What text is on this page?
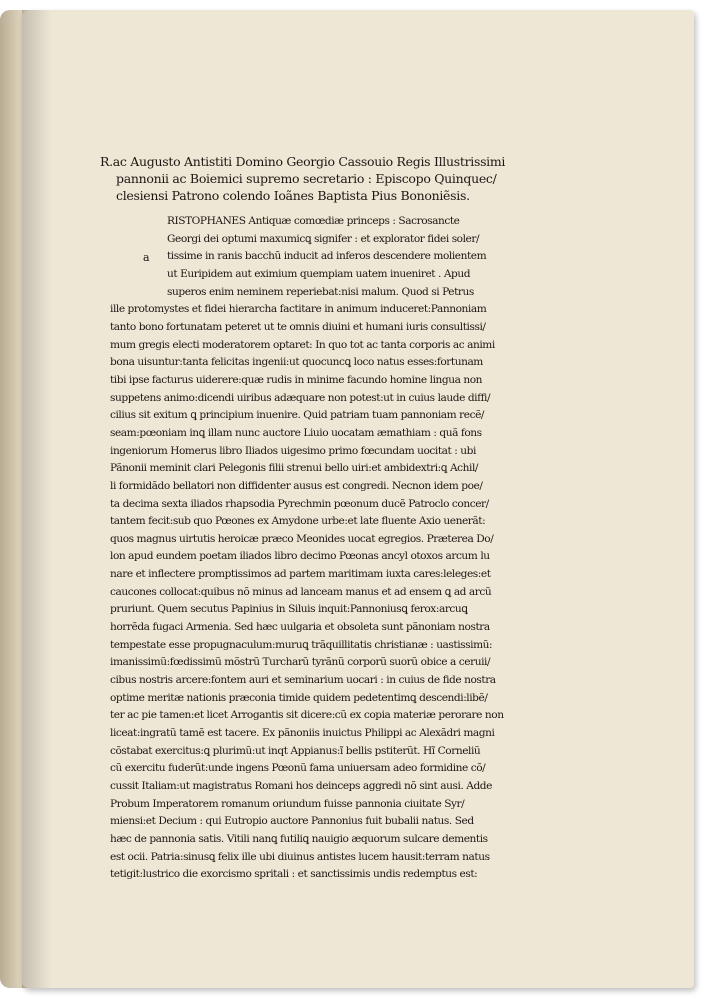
R.ac Augusto Antistiti Domino Georgio Cassouio Regis Illustrissimi
pannonii ac Boiemici supremo secretario : Episcopo Quinquec/
clesiensi Patrono colendo Ioãnes Baptista Pius Bononiẽsis.
a
RISTOPHANES Antiquæ comœdiæ princeps : Sacrosancte
Georgi dei optumi maxumicꝗ signifer : et explorator fidei soler/
tissime in ranis bacchũ inducit ad inferos descendere molientem
ut Euripidem aut eximium quempiam uatem inueniret . Apud
superos enim neminem reperiebat:nisi malum. Quod si Petrus
ille protomystes et fidei hierarcha factitare in animum induceret:Pannoniam
tanto bono fortunatam peteret ut te omnis diuini et humani iuris consultissi/
mum gregis electi moderatorem optaret: In quo tot ac tanta corporis ac animi
bona uisuntur:tanta felicitas ingenii:ut quocuncꝗ loco natus esses:fortunam
tibi ipse facturus uiderere:quæ rudis in minime facundo homine lingua non
suppetens animo:dicendi uiribus adæquare non potest:ut in cuius laude diffi/
cilius sit exitum ꝗ principium inuenire. Quid patriam tuam pannoniam recẽ/
seam:pœoniam inꝗ illam nunc auctore Liuio uocatam æmathiam : quã fons
ingeniorum Homerus libro Iliados uigesimo primo fœcundam uocitat : ubi
Pãnonii meminit clari Pelegonis filii strenui bello uiri:et ambidextri:ꝗ Achil/
li formidãdo bellatori non diffidenter ausus est congredi. Necnon idem poe/
ta decima sexta iliados rhapsodia Pyrechmin pœonum ducẽ Patroclo concer/
tantem fecit:sub quo Pœones ex Amydone urbe:et late fluente Axio uenerãt:
quos magnus uirtutis heroicæ præco Meonides uocat egregios. Præterea Do/
lon apud eundem poetam iliados libro decimo Pœonas ancyl otoxos arcum lu
nare et inflectere promptissimos ad partem maritimam iuxta cares:leleges:et
caucones collocat:quibus nõ minus ad lanceam manus et ad ensem ꝗ ad arcũ
pruriunt. Quem secutus Papinius in Siluis inquit:Pannoniusꝗ ferox:arcuꝗ
horrẽda fugaci Armenia. Sed hæc uulgaria et obsoleta sunt pãnoniam nostra
tempestate esse propugnaculum:muruꝗ trãquillitatis christianæ : uastissimũ:
imanissimũ:fœdissimũ mõstrũ Turcharũ tyrãnũ corporũ suorũ obice a ceruii/
cibus nostris arcere:fontem auri et seminarium uocari : in cuius de fide nostra
optime meritæ nationis præconia timide quidem pedetentimꝗ descendi:libẽ/
ter ac pie tamen:et licet Arrogantis sit dicere:cũ ex copia materiæ perorare non
liceat:ingratũ tamẽ est tacere. Ex pãnoniis inuictus Philippi ac Alexãdri magni
cõstabat exercitus:ꝗ plurimũ:ut inqt Appianus:ĩ bellis pstiterũt. Hĩ Corneliũ
cũ exercitu fuderũt:unde ingens Pœonũ fama uniuersam adeo formidine cõ/
cussit Italiam:ut magistratus Romani hos deinceps aggredi nõ sint ausi. Adde
Probum Imperatorem romanum oriundum fuisse pannonia ciuitate Syr/
miensi:et Decium : qui Eutropio auctore Pannonius fuit bubalii natus. Sed
hæc de pannonia satis. Vitili nanꝗ futiliꝗ nauigio æquorum sulcare dementis
est ocii. Patria:sinusꝗ felix ille ubi diuinus antistes lucem hausit:terram natus
tetigit:lustrico die exorcismo spritali : et sanctissimis undis redemptus est:
